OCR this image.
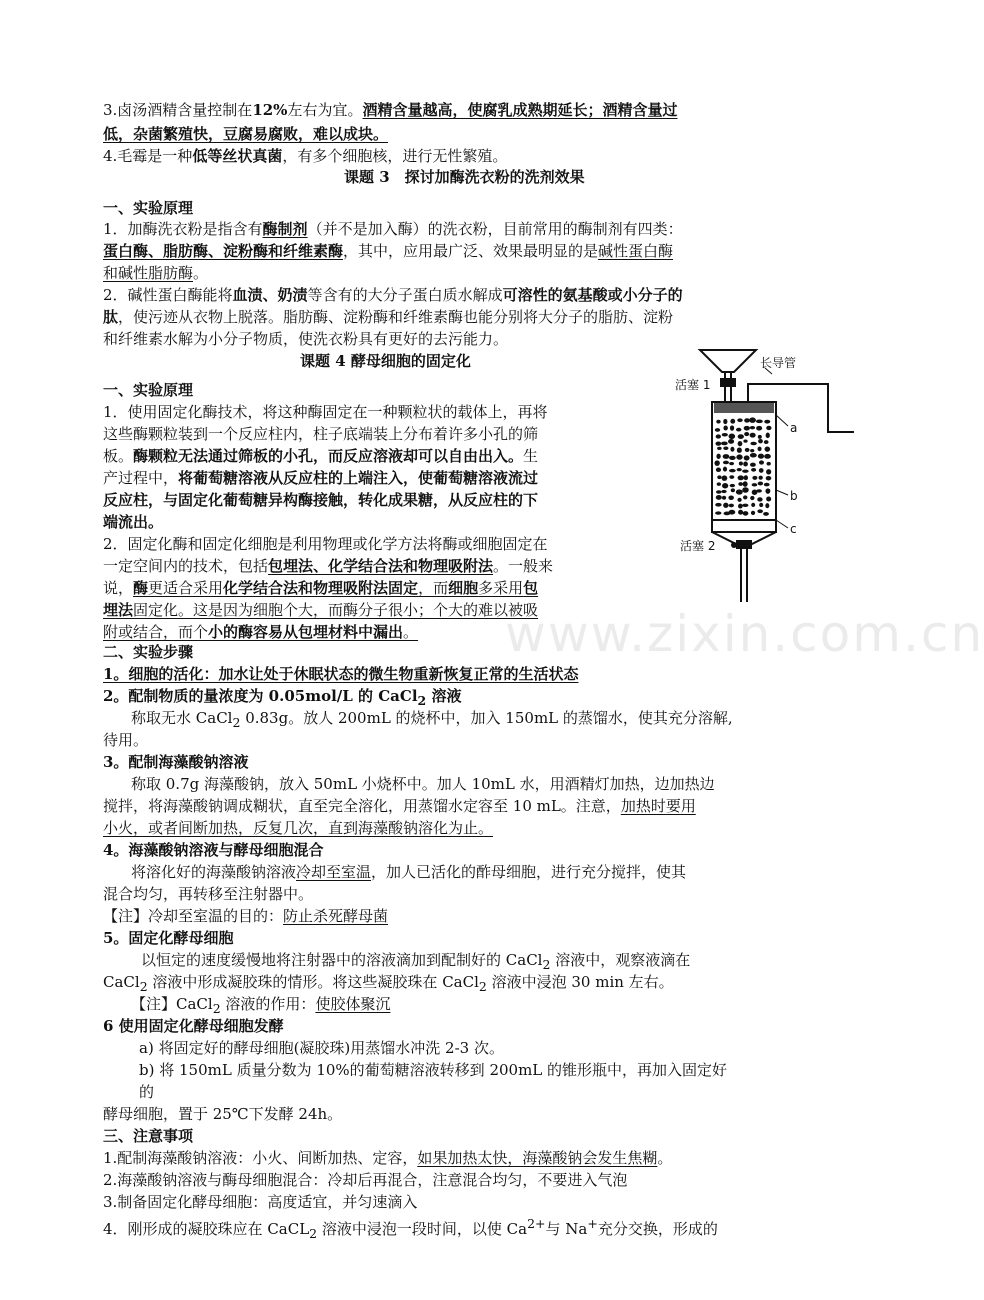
www.zixin.com.cn
3.卤汤酒精含量控制在12%左右为宜。酒精含量越高，使腐乳成熟期延长；酒精含量过
低，杂菌繁殖快，豆腐易腐败，难以成块。
4.毛霉是一种低等丝状真菌，有多个细胞核，进行无性繁殖。
课题 3　探讨加酶洗衣粉的洗剂效果
一、实验原理
1．加酶洗衣粉是指含有酶制剂（并不是加入酶）的洗衣粉，目前常用的酶制剂有四类：
蛋白酶、脂肪酶、淀粉酶和纤维素酶，其中，应用最广泛、效果最明显的是碱性蛋白酶
和碱性脂肪酶。
2．碱性蛋白酶能将血渍、奶渍等含有的大分子蛋白质水解成可溶性的氨基酸或小分子的
肽，使污迹从衣物上脱落。脂肪酶、淀粉酶和纤维素酶也能分别将大分子的脂肪、淀粉
和纤维素水解为小分子物质，使洗衣粉具有更好的去污能力。
课题 4 酵母细胞的固定化
一、实验原理
1．使用固定化酶技术，将这种酶固定在一种颗粒状的载体上，再将
这些酶颗粒装到一个反应柱内，柱子底端装上分布着许多小孔的筛
板。酶颗粒无法通过筛板的小孔，而反应溶液却可以自由出入。生
产过程中，将葡萄糖溶液从反应柱的上端注入，使葡萄糖溶液流过
反应柱，与固定化葡萄糖异构酶接触，转化成果糖，从反应柱的下
端流出。
2．固定化酶和固定化细胞是利用物理或化学方法将酶或细胞固定在
一定空间内的技术，包括包埋法、化学结合法和物理吸附法。一般来
说，酶更适合采用化学结合法和物理吸附法固定，而细胞多采用包
埋法固定化。这是因为细胞个大，而酶分子很小；个大的难以被吸
附或结合，而个小的酶容易从包埋材料中漏出。
长导管
活塞 1
a
b
c
活塞 2
二、实验步骤
1。细胞的活化：加水让处于休眠状态的微生物重新恢复正常的生活状态
2。配制物质的量浓度为 0.05mol/L 的 CaCl$_2$ 溶液
称取无水 CaCl$_2$ 0.83g。放人 200mL 的烧杯中，加入 150mL 的蒸馏水，使其充分溶解,
待用。
3。配制海藻酸钠溶液
称取 0.7g 海藻酸钠，放入 50mL 小烧杯中。加人 10mL 水，用酒精灯加热，边加热边
搅拌，将海藻酸钠调成糊状，直至完全溶化，用蒸馏水定容至 10 mL。注意，加热时要用
小火，或者间断加热，反复几次，直到海藻酸钠溶化为止。
4。海藻酸钠溶液与酵母细胞混合
将溶化好的海藻酸钠溶液冷却至室温，加人已活化的酢母细胞，进行充分搅拌，使其
混合均匀，再转移至注射器中。
【注】冷却至室温的目的：防止杀死酵母菌
5。固定化酵母细胞
以恒定的速度缓慢地将注射器中的溶液滴加到配制好的 CaCl$_2$ 溶液中，观察液滴在
CaCl$_2$ 溶液中形成凝胶珠的情形。将这些凝胶珠在 CaCl$_2$ 溶液中浸泡 30 min 左右。
【注】CaCl$_2$ 溶液的作用：使胶体聚沉
6 使用固定化酵母细胞发酵
a) 将固定好的酵母细胞(凝胶珠)用蒸馏水冲洗 2-3 次。
b) 将 150mL 质量分数为 10%的葡萄糖溶液转移到 200mL 的锥形瓶中，再加入固定好
的
酵母细胞，置于 25℃下发酵 24h。
三、注意事项
1.配制海藻酸钠溶液：小火、间断加热、定容，如果加热太快，海藻酸钠会发生焦糊。
2.海藻酸钠溶液与酶母细胞混合：冷却后再混合，注意混合均匀，不要进入气泡
3.制备固定化酵母细胞：高度适宜，并匀速滴入
4．刚形成的凝胶珠应在 CaCL$_2$ 溶液中浸泡一段时间，以使 $Ca^{2+}$与 Na+充分交换，形成的
